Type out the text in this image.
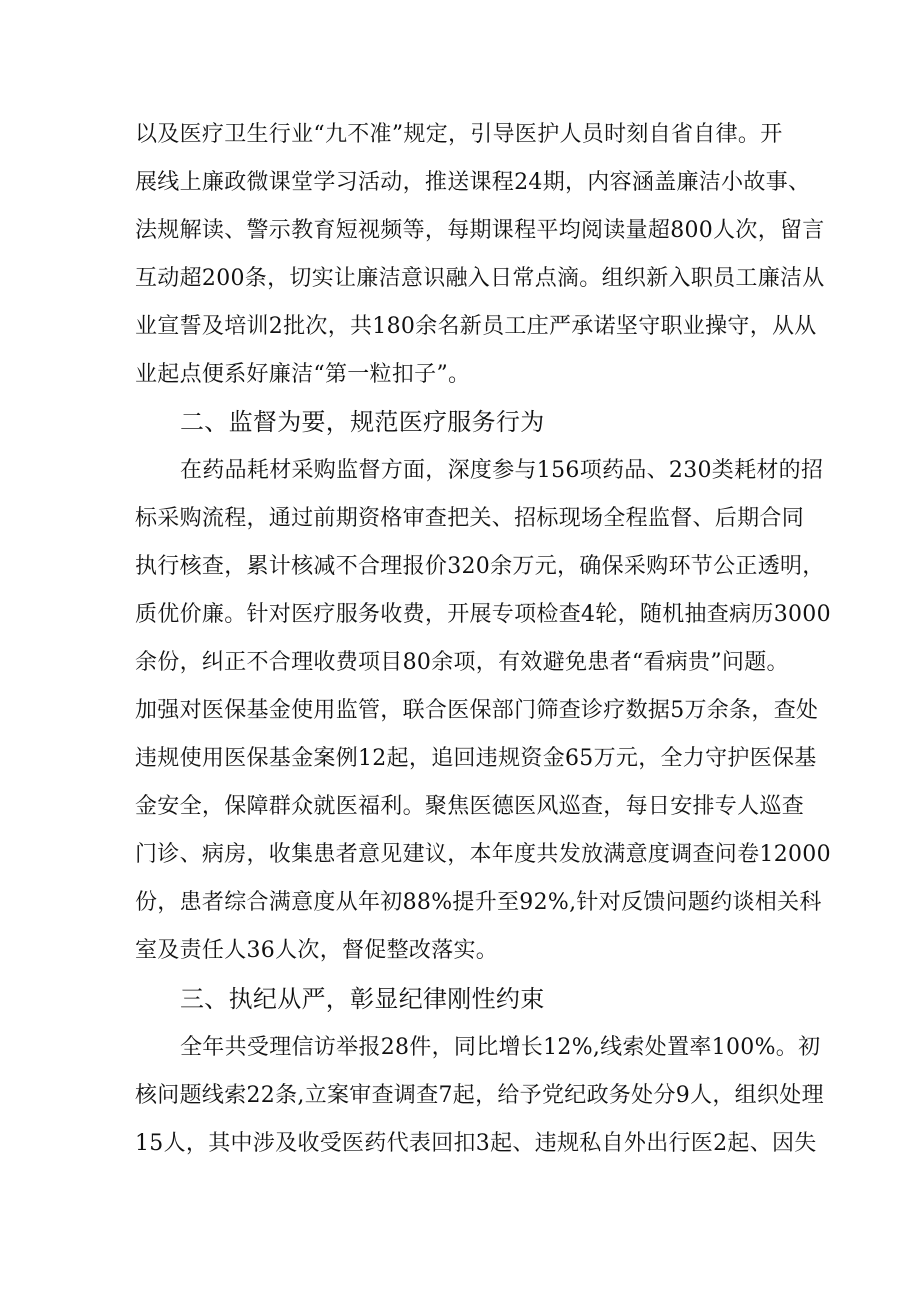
以及医疗卫生行业“九不准”规定，引导医护人员时刻自省自律。开
展线上廉政微课堂学习活动，推送课程24期，内容涵盖廉洁小故事、
法规解读、警示教育短视频等，每期课程平均阅读量超800人次，留言
互动超200条，切实让廉洁意识融入日常点滴。组织新入职员工廉洁从
业宣誓及培训2批次，共180余名新员工庄严承诺坚守职业操守，从从
业起点便系好廉洁“第一粒扣子”。
二、监督为要，规范医疗服务行为
在药品耗材采购监督方面，深度参与156项药品、230类耗材的招
标采购流程，通过前期资格审查把关、招标现场全程监督、后期合同
执行核查，累计核减不合理报价320余万元，确保采购环节公正透明，
质优价廉。针对医疗服务收费，开展专项检查4轮，随机抽查病历3000
余份，纠正不合理收费项目80余项，有效避免患者“看病贵”问题。
加强对医保基金使用监管，联合医保部门筛查诊疗数据5万余条，查处
违规使用医保基金案例12起，追回违规资金65万元，全力守护医保基
金安全，保障群众就医福利。聚焦医德医风巡查，每日安排专人巡查
门诊、病房，收集患者意见建议，本年度共发放满意度调查问卷12000
份，患者综合满意度从年初88%提升至92%,针对反馈问题约谈相关科
室及责任人36人次，督促整改落实。
三、执纪从严，彰显纪律刚性约束
全年共受理信访举报28件，同比增长12%,线索处置率100%。初
核问题线索22条,立案审查调查7起，给予党纪政务处分9人，组织处理
15人，其中涉及收受医药代表回扣3起、违规私自外出行医2起、因失
